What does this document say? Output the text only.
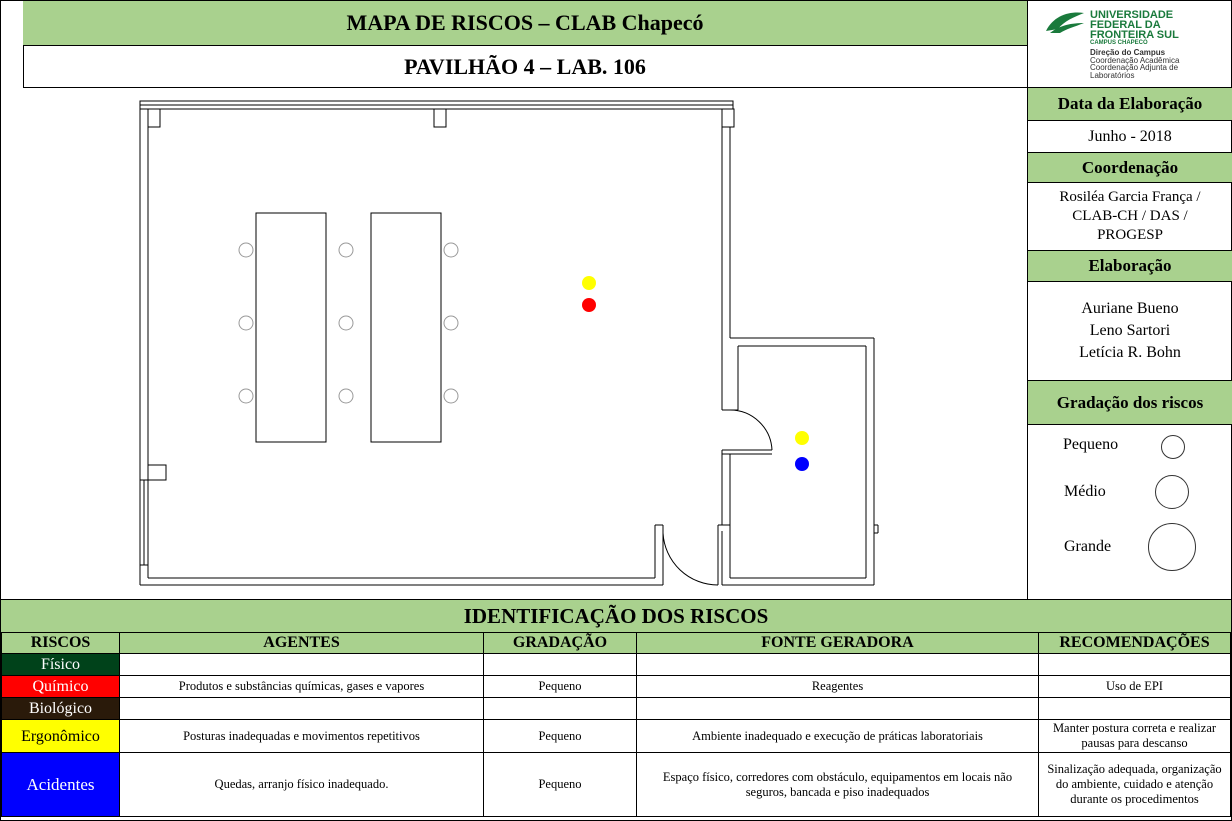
MAPA DE RISCOS – CLAB Chapecó
PAVILHÃO 4 – LAB. 106
UNIVERSIDADE
FEDERAL DA
FRONTEIRA SUL
CAMPUS CHAPECÓ
Direção do Campus
Coordenação Acadêmica
Coordenação Adjunta de
Laboratórios
Data da Elaboração
Junho - 2018
Coordenação
Rosiléa Garcia França /
CLAB-CH / DAS /
PROGESP
Elaboração
Auriane Bueno
Leno Sartori
Letícia R. Bohn
Gradação dos riscos
Pequeno
Médio
Grande
IDENTIFICAÇÃO DOS RISCOS
RISCOS	AGENTES	GRADAÇÃO	FONTE GERADORA	RECOMENDAÇÕES
Físico				
Químico	Produtos e substâncias químicas, gases e vapores	Pequeno	Reagentes	Uso de EPI
Biológico				
Ergonômico	Posturas inadequadas e movimentos repetitivos	Pequeno	Ambiente inadequado e execução de práticas laboratoriais	Manter postura correta e realizar pausas para descanso
Acidentes	Quedas, arranjo físico inadequado.	Pequeno	Espaço físico, corredores com obstáculo, equipamentos em locais não seguros, bancada e piso inadequados	Sinalização adequada, organização do ambiente, cuidado e atenção durante os procedimentos
